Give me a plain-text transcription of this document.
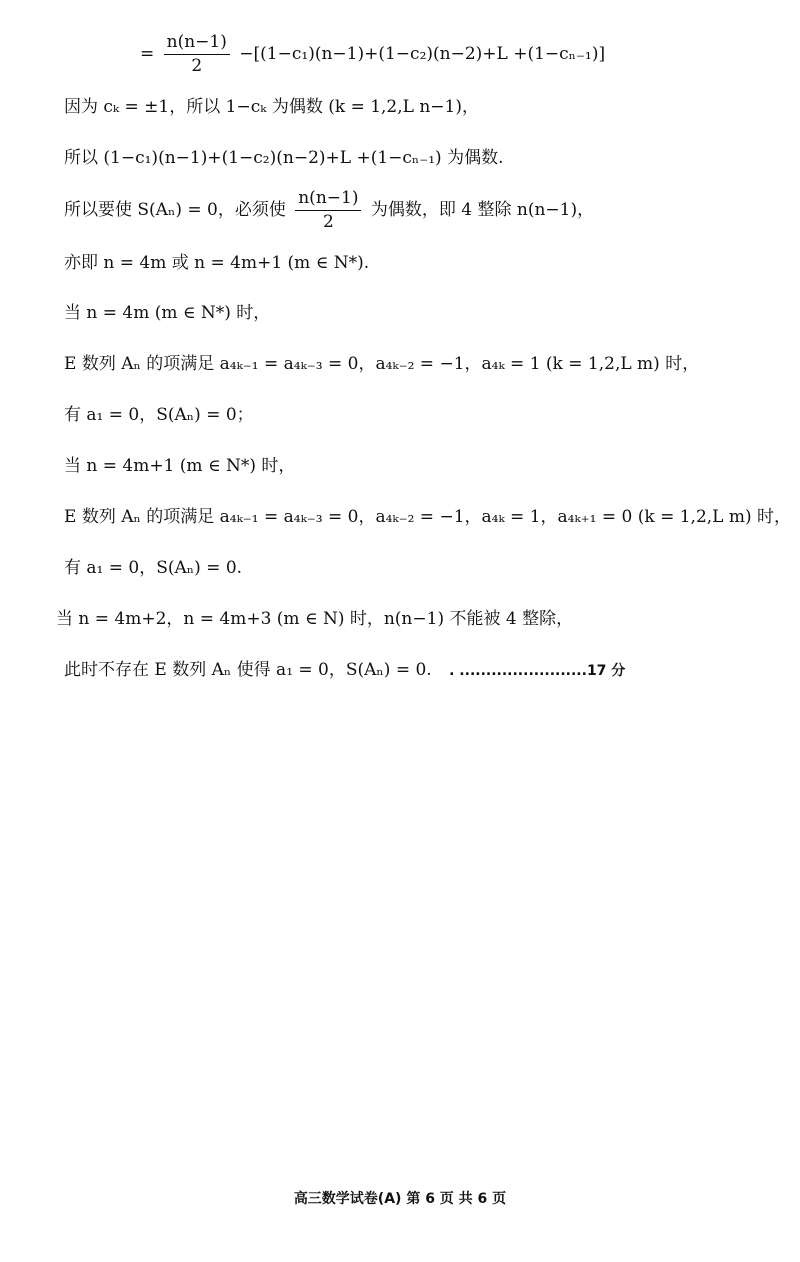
= $\frac{n(n-1)}{2} -[(1-c_1)(n-1)+(1-c_2)(n-2)+L +(1-c_{n-1})]$
因为 cₖ = ±1，所以 1−cₖ 为偶数 (k = 1,2,L n−1)，
所以 (1−c₁)(n−1)+(1−c₂)(n−2)+L +(1−cₙ₋₁) 为偶数.
所以要使 S(Aₙ) = 0，必须使 $\frac{n(n-1)}{2}$ 为偶数，即 4 整除 n(n−1)，
亦即 n = 4m 或 n = 4m+1 (m ∈ N*).
当 n = 4m (m ∈ N*) 时，
E 数列 Aₙ 的项满足 a₄ₖ₋₁ = a₄ₖ₋₃ = 0，a₄ₖ₋₂ = −1，a₄ₖ = 1 (k = 1,2,L m) 时，
有 a₁ = 0，S(Aₙ) = 0；
当 n = 4m+1 (m ∈ N*) 时，
E 数列 Aₙ 的项满足 a₄ₖ₋₁ = a₄ₖ₋₃ = 0，a₄ₖ₋₂ = −1，a₄ₖ = 1，a₄ₖ₊₁ = 0 (k = 1,2,L m) 时，
有 a₁ = 0，S(Aₙ) = 0.
当 n = 4m+2，n = 4m+3 (m ∈ N) 时，n(n−1) 不能被 4 整除，
此时不存在 E 数列 Aₙ 使得 a₁ = 0，S(Aₙ) = 0. . ........................17 分
高三数学试卷(A) 第 6 页 共 6 页
